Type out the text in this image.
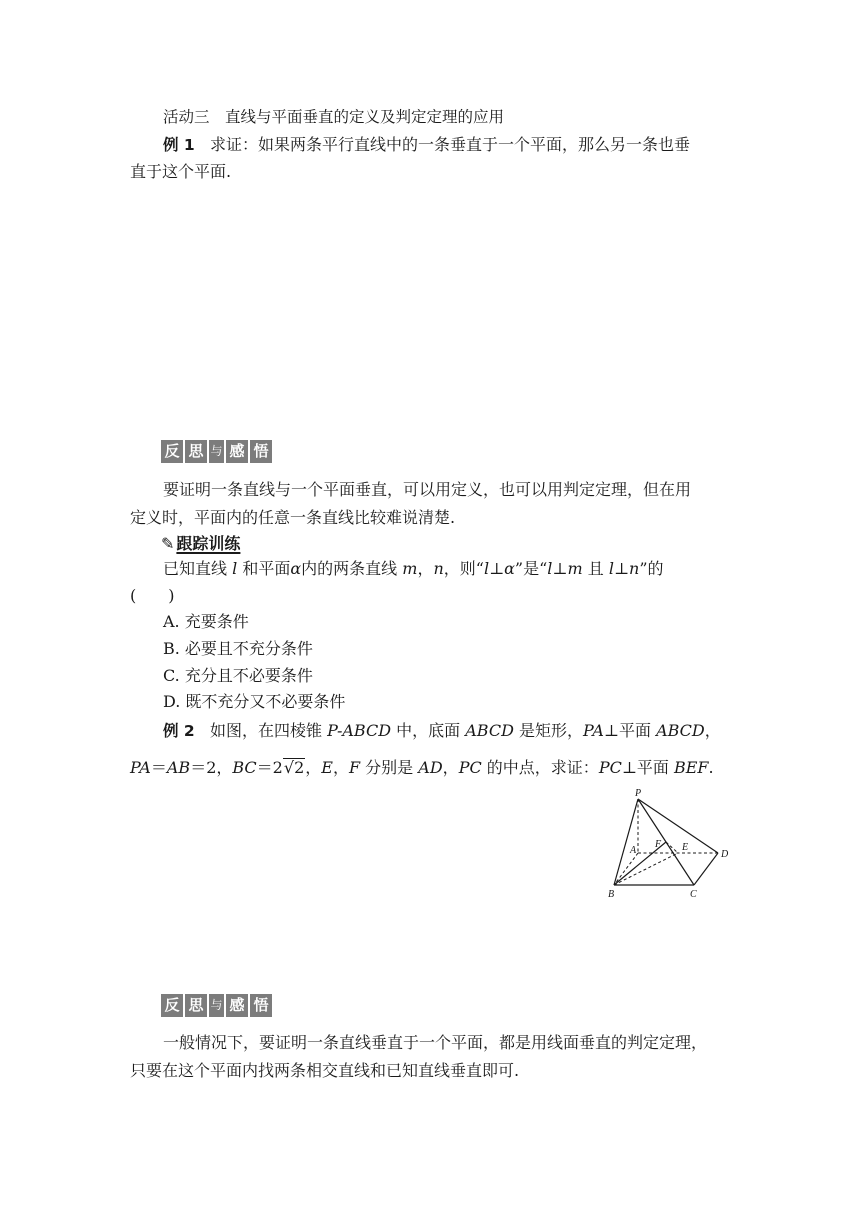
活动三　直线与平面垂直的定义及判定定理的应用
例 1 求证：如果两条平行直线中的一条垂直于一个平面，那么另一条也垂
直于这个平面.
反 思 与 感 悟
要证明一条直线与一个平面垂直，可以用定义，也可以用判定定理，但在用
定义时，平面内的任意一条直线比较难说清楚.
✎ 跟踪训练
已知直线 l 和平面α内的两条直线 m，n，则“l⊥α”是“l⊥m 且 l⊥n”的
(　　)
A. 充要条件
B. 必要且不充分条件
C. 充分且不必要条件
D. 既不充分又不必要条件
例 2 如图，在四棱锥 P-ABCD 中，底面 ABCD 是矩形，PA⊥平面 ABCD，
PA＝AB＝2，BC＝2√2，E，F 分别是 AD，PC 的中点，求证：PC⊥平面 BEF.
P
A
F E
D
B	C
反 思 与 感 悟
一般情况下，要证明一条直线垂直于一个平面，都是用线面垂直的判定定理，
只要在这个平面内找两条相交直线和已知直线垂直即可.
